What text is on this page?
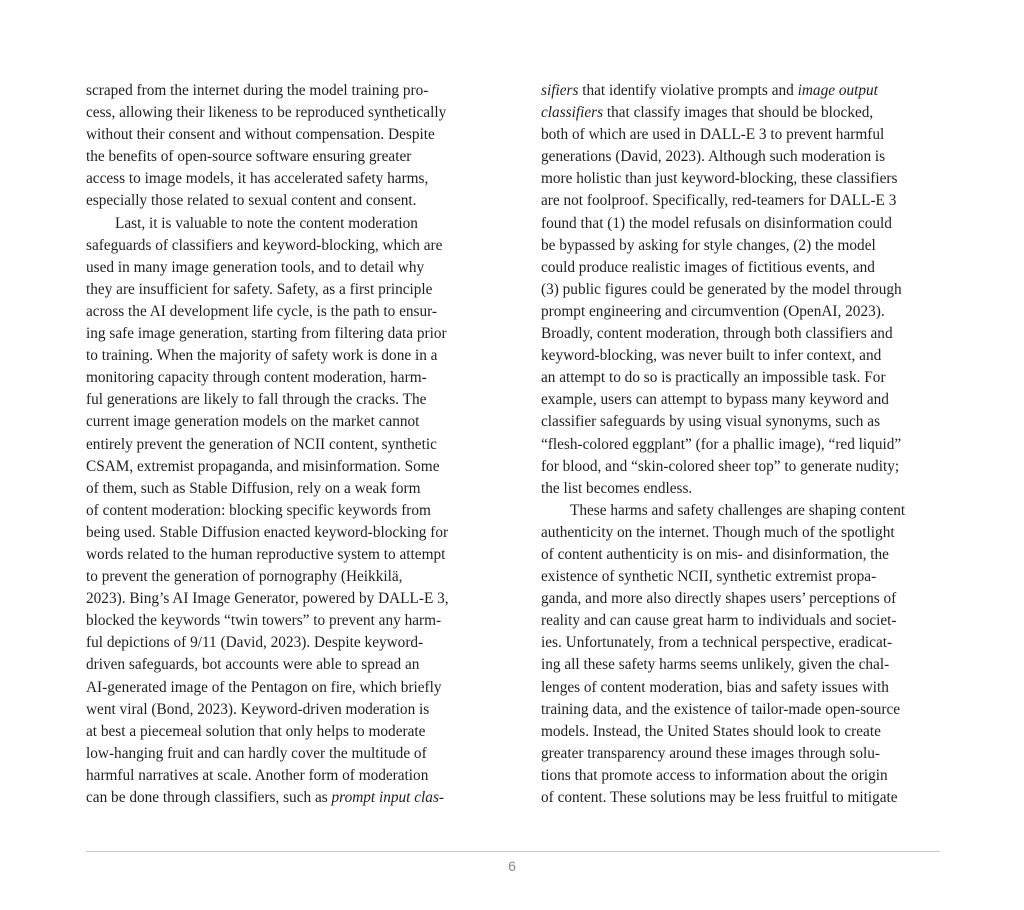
scraped from the internet during the model training pro-
cess, allowing their likeness to be reproduced synthetically
without their consent and without compensation. Despite
the benefits of open-source software ensuring greater
access to image models, it has accelerated safety harms,
especially those related to sexual content and consent.
Last, it is valuable to note the content moderation
safeguards of classifiers and keyword-blocking, which are
used in many image generation tools, and to detail why
they are insufficient for safety. Safety, as a first principle
across the AI development life cycle, is the path to ensur-
ing safe image generation, starting from filtering data prior
to training. When the majority of safety work is done in a
monitoring capacity through content moderation, harm-
ful generations are likely to fall through the cracks. The
current image generation models on the market cannot
entirely prevent the generation of NCII content, synthetic
CSAM, extremist propaganda, and misinformation. Some
of them, such as Stable Diffusion, rely on a weak form
of content moderation: blocking specific keywords from
being used. Stable Diffusion enacted keyword-blocking for
words related to the human reproductive system to attempt
to prevent the generation of pornography (Heikkilä,
2023). Bing’s AI Image Generator, powered by DALL-E 3,
blocked the keywords “twin towers” to prevent any harm-
ful depictions of 9/11 (David, 2023). Despite keyword-
driven safeguards, bot accounts were able to spread an
AI-generated image of the Pentagon on fire, which briefly
went viral (Bond, 2023). Keyword-driven moderation is
at best a piecemeal solution that only helps to moderate
low-hanging fruit and can hardly cover the multitude of
harmful narratives at scale. Another form of moderation
can be done through classifiers, such as prompt input clas-
sifiers that identify violative prompts and image output
classifiers that classify images that should be blocked,
both of which are used in DALL-E 3 to prevent harmful
generations (David, 2023). Although such moderation is
more holistic than just keyword-blocking, these classifiers
are not foolproof. Specifically, red-teamers for DALL-E 3
found that (1) the model refusals on disinformation could
be bypassed by asking for style changes, (2) the model
could produce realistic images of fictitious events, and
(3) public figures could be generated by the model through
prompt engineering and circumvention (OpenAI, 2023).
Broadly, content moderation, through both classifiers and
keyword-blocking, was never built to infer context, and
an attempt to do so is practically an impossible task. For
example, users can attempt to bypass many keyword and
classifier safeguards by using visual synonyms, such as
“flesh-colored eggplant” (for a phallic image), “red liquid”
for blood, and “skin-colored sheer top” to generate nudity;
the list becomes endless.
These harms and safety challenges are shaping content
authenticity on the internet. Though much of the spotlight
of content authenticity is on mis- and disinformation, the
existence of synthetic NCII, synthetic extremist propa-
ganda, and more also directly shapes users’ perceptions of
reality and can cause great harm to individuals and societ-
ies. Unfortunately, from a technical perspective, eradicat-
ing all these safety harms seems unlikely, given the chal-
lenges of content moderation, bias and safety issues with
training data, and the existence of tailor-made open-source
models. Instead, the United States should look to create
greater transparency around these images through solu-
tions that promote access to information about the origin
of content. These solutions may be less fruitful to mitigate
6
